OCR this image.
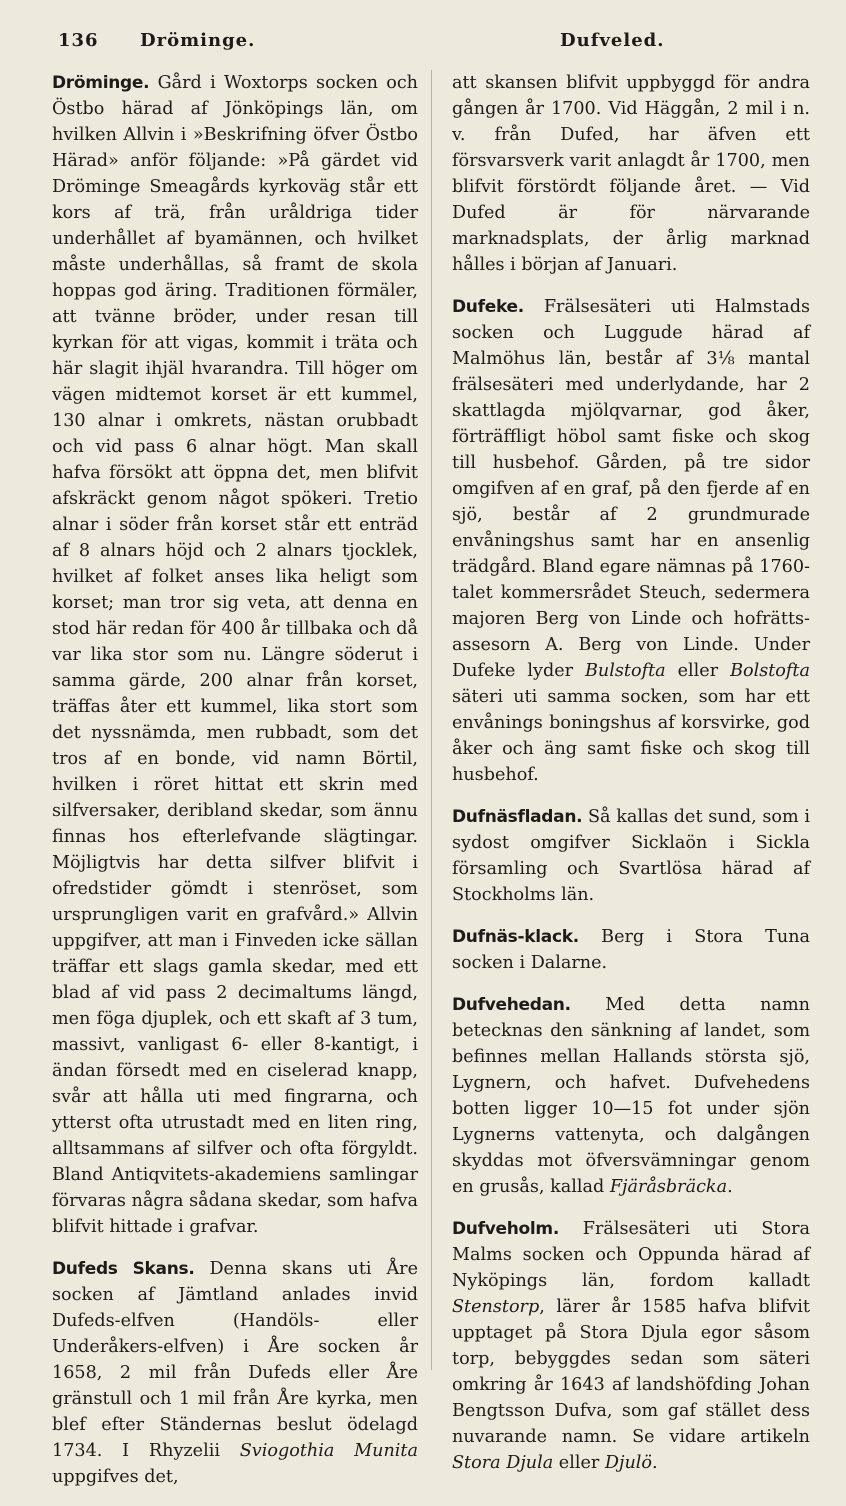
136 Dröminge.	Dufveled.

Dröminge. Gård i Woxtorps socken och Östbo härad af Jönköpings län, om hvilken Allvin i »Beskrifning öfver Östbo Härad» anför följande: »På gärdet vid Dröminge Smeagårds kyrkoväg står ett kors af trä, från uråldriga tider underhållet af byamännen, och hvilket måste underhållas, så framt de skola hoppas god äring. Traditionen förmäler, att tvänne bröder, under resan till kyrkan för att vigas, kommit i träta och här slagit ihjäl hvarandra. Till höger om vägen midtemot korset är ett kummel, 130 alnar i omkrets, nästan orubbadt och vid pass 6 alnar högt. Man skall hafva försökt att öppna det, men blifvit afskräckt genom något spökeri. Tretio alnar i söder från korset står ett enträd af 8 alnars höjd och 2 alnars tjocklek, hvilket af folket anses lika heligt som korset; man tror sig veta, att denna en stod här redan för 400 år tillbaka och då var lika stor som nu. Längre söderut i samma gärde, 200 alnar från korset, träffas åter ett kummel, lika stort som det nyssnämda, men rubbadt, som det tros af en bonde, vid namn Börtil, hvilken i röret hittat ett skrin med silfversaker, deribland skedar, som ännu finnas hos efterlefvande slägtingar. Möjligtvis har detta silfver blifvit i ofredstider gömdt i stenröset, som ursprungligen varit en grafvård.» Allvin uppgifver, att man i Finveden icke sällan träffar ett slags gamla skedar, med ett blad af vid pass 2 decimaltums längd, men föga djuplek, och ett skaft af 3 tum, massivt, vanligast 6- eller 8-kantigt, i ändan försedt med en ciselerad knapp, svår att hålla uti med fingrarna, och ytterst ofta utrustadt med en liten ring, alltsammans af silfver och ofta förgyldt. Bland Antiqvitets-akademiens samlingar förvaras några sådana skedar, som hafva blifvit hittade i grafvar.

Dufeds Skans. Denna skans uti Åre socken af Jämtland anlades invid Dufeds-elfven (Handöls- eller Underåkers-elfven) i Åre socken år 1658, 2 mil från Dufeds eller Åre gränstull och 1 mil från Åre kyrka, men blef efter Ständernas beslut ödelagd 1734. I Rhyzelii Sviogothia Munita uppgifves det,

att skansen blifvit uppbyggd för andra gången år 1700. Vid Häggån, 2 mil i n. v. från Dufed, har äfven ett försvarsverk varit anlagdt år 1700, men blifvit förstördt följande året. — Vid Dufed är för närvarande marknadsplats, der årlig marknad hålles i början af Januari.

Dufeke. Frälsesäteri uti Halmstads socken och Luggude härad af Malmöhus län, består af 3⅛ mantal frälsesäteri med underlydande, har 2 skattlagda mjölqvarnar, god åker, förträffligt höbol samt fiske och skog till husbehof. Gården, på tre sidor omgifven af en graf, på den fjerde af en sjö, består af 2 grundmurade envåningshus samt har en ansenlig trädgård. Bland egare nämnas på 1760-talet kommersrådet Steuch, sedermera majoren Berg von Linde och hofrätts-assesorn A. Berg von Linde. Under Dufeke lyder Bulstofta eller Bolstofta säteri uti samma socken, som har ett envånings boningshus af korsvirke, god åker och äng samt fiske och skog till husbehof.

Dufnäsfladan. Så kallas det sund, som i sydost omgifver Sicklaön i Sickla församling och Svartlösa härad af Stockholms län.

Dufnäs-klack. Berg i Stora Tuna socken i Dalarne.

Dufvehedan. Med detta namn betecknas den sänkning af landet, som befinnes mellan Hallands största sjö, Lygnern, och hafvet. Dufvehedens botten ligger 10—15 fot under sjön Lygnerns vattenyta, och dalgången skyddas mot öfversvämningar genom en grusås, kallad Fjäråsbräcka.

Dufveholm. Frälsesäteri uti Stora Malms socken och Oppunda härad af Nyköpings län, fordom kalladt Stenstorp, lärer år 1585 hafva blifvit upptaget på Stora Djula egor såsom torp, bebyggdes sedan som säteri omkring år 1643 af landshöfding Johan Bengtsson Dufva, som gaf stället dess nuvarande namn. Se vidare artikeln Stora Djula eller Djulö.
